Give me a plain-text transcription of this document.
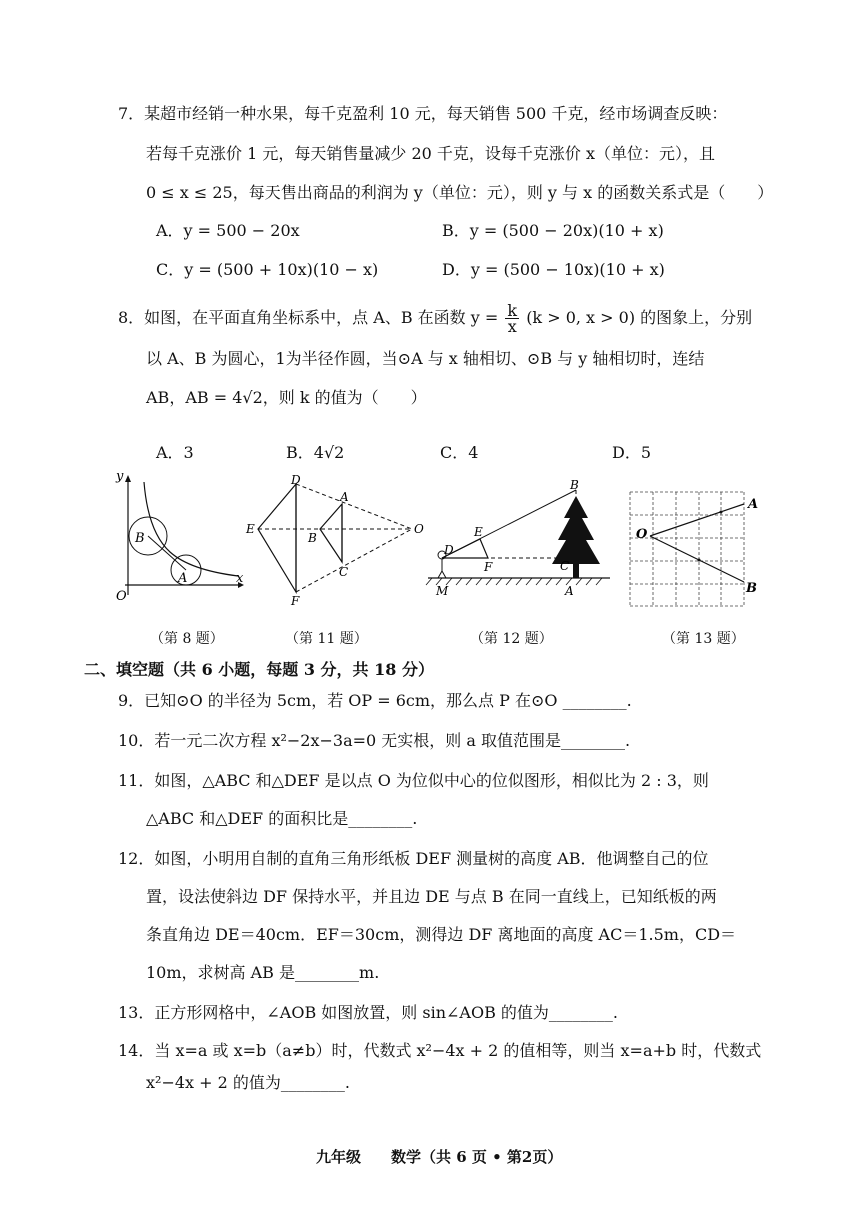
7．某超市经销一种水果，每千克盈利 10 元，每天销售 500 千克，经市场调查反映：
若每千克涨价 1 元，每天销售量减少 20 千克，设每千克涨价 x（单位：元），且
0 ≤ x ≤ 25，每天售出商品的利润为 y（单位：元），则 y 与 x 的函数关系式是（　　）
A．y = 500 − 20x	B．y = (500 − 20x)(10 + x)
C．y = (500 + 10x)(10 − x)	D．y = (500 − 10x)(10 + x)
8．如图，在平面直角坐标系中，点 A、B 在函数 $y = \frac{k}{x} (k > 0$, x > 0) 的图象上，分别
以 A、B 为圆心，1为半径作圆，当⊙A 与 x 轴相切、⊙B 与 y 轴相切时，连结
AB，AB = 4√2，则 k 的值为（　　）
A．3	B．4√2	C．4	D．5
y
x
O
B
A
D
E
F
A
B
C
O
B
E
D
F	C
M	A
O
A
B
（第 8 题）	（第 11 题）	（第 12 题）	（第 13 题）
二、填空题（共 6 小题，每题 3 分，共 18 分）
9．已知⊙O 的半径为 5cm，若 OP = 6cm，那么点 P 在⊙O ________.
10．若一元二次方程 x²−2x−3a=0 无实根，则 a 取值范围是________.
11．如图，△ABC 和△DEF 是以点 O 为位似中心的位似图形，相似比为 2 : 3，则
△ABC 和△DEF 的面积比是________.
12．如图，小明用自制的直角三角形纸板 DEF 测量树的高度 AB．他调整自己的位
置，设法使斜边 DF 保持水平，并且边 DE 与点 B 在同一直线上，已知纸板的两
条直角边 DE＝40cm．EF＝30cm，测得边 DF 离地面的高度 AC＝1.5m，CD＝
10m，求树高 AB 是________m.
13．正方形网格中，∠AOB 如图放置，则 sin∠AOB 的值为________.
14．当 x=a 或 x=b（a≠b）时，代数式 x²−4x + 2 的值相等，则当 x=a+b 时，代数式
x²−4x + 2 的值为________.
九年级　　数学（共 6 页 • 第2页）
